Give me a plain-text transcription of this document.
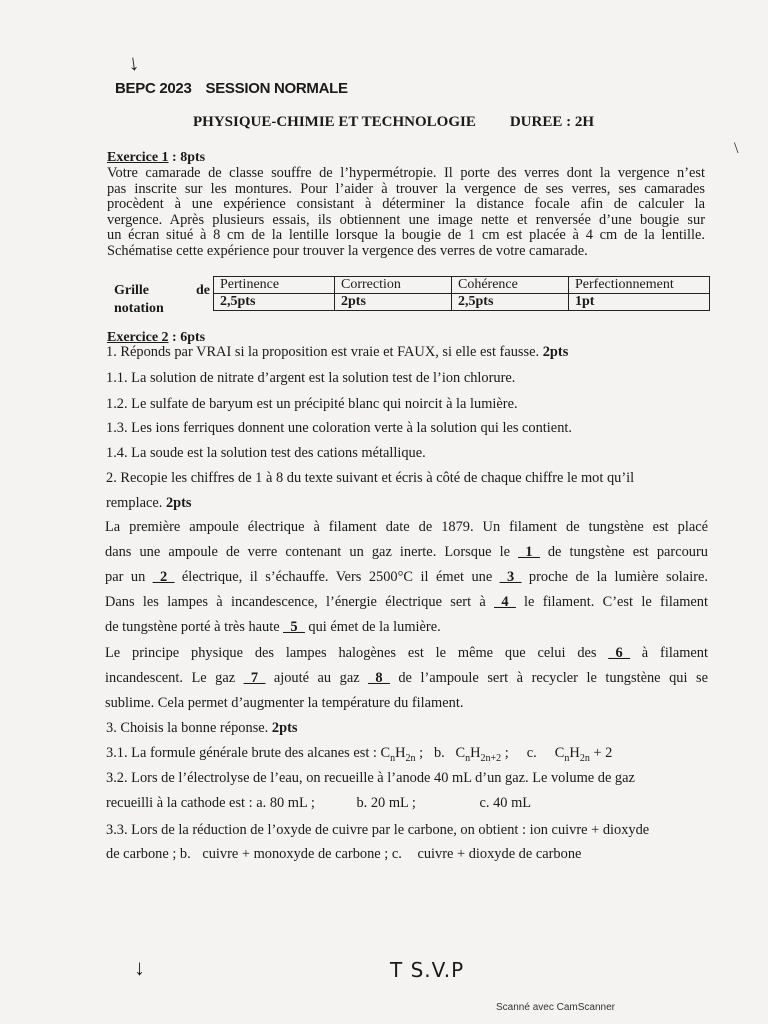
↓
BEPC 2023 SESSION NORMALE
PHYSIQUE-CHIMIE ET TECHNOLOGIE DUREE : 2H
\
Exercice 1 : 8pts
Votre camarade de classe souffre de l’hypermétropie. Il porte des verres dont la vergence n’est
pas inscrite sur les montures. Pour l’aider à trouver la vergence de ses verres, ses camarades
procèdent à une expérience consistant à déterminer la distance focale afin de calculer la
vergence. Après plusieurs essais, ils obtiennent une image nette et renversée d’une bougie sur
un écran situé à 8 cm de la lentille lorsque la bougie de 1 cm est placée à 4 cm de la lentille.
Schématise cette expérience pour trouver la vergence des verres de votre camarade.
Grille
notation
de Pertinence	Correction	Cohérence	Perfectionnement
2,5pts	2pts	2,5pts	1pt
Exercice 2 : 6pts
1. Réponds par VRAI si la proposition est vraie et FAUX, si elle est fausse. 2pts
1.1. La solution de nitrate d’argent est la solution test de l’ion chlorure.
1.2. Le sulfate de baryum est un précipité blanc qui noircit à la lumière.
1.3. Les ions ferriques donnent une coloration verte à la solution qui les contient.
1.4. La soude est la solution test des cations métallique.
2. Recopie les chiffres de 1 à 8 du texte suivant et écris à côté de chaque chiffre le mot qu’il
remplace. 2pts
La première ampoule électrique à filament date de 1879. Un filament de tungstène est placé
dans une ampoule de verre contenant un gaz inerte. Lorsque le _1_ de tungstène est parcouru
par un _2_ électrique, il s’échauffe. Vers 2500°C il émet une _3_ proche de la lumière solaire.
Dans les lampes à incandescence, l’énergie électrique sert à _4_ le filament. C’est le filament
de tungstène porté à très haute _5_ qui émet de la lumière.
Le principe physique des lampes halogènes est le même que celui des _6_ à filament
incandescent. Le gaz _7_ ajouté au gaz _8_ de l’ampoule sert à recycler le tungstène qui se
sublime. Cela permet d’augmenter la température du filament.
3. Choisis la bonne réponse. 2pts
3.1. La formule générale brute des alcanes est : $C_nH_{2n}$ ; b. $C_nH_{2n+2}$ ; c. $C_nH_{2n} + 2$
3.2. Lors de l’électrolyse de l’eau, on recueille à l’anode 40 mL d’un gaz. Le volume de gaz
recueilli à la cathode est : a. 80 mL ;	b. 20 mL ;	c. 40 mL
3.3. Lors de la réduction de l’oxyde de cuivre par le carbone, on obtient : ion cuivre + dioxyde
de carbone ; b. cuivre + monoxyde de carbone ; c. cuivre + dioxyde de carbone
↓	T S.V.P
Scanné avec CamScanner
